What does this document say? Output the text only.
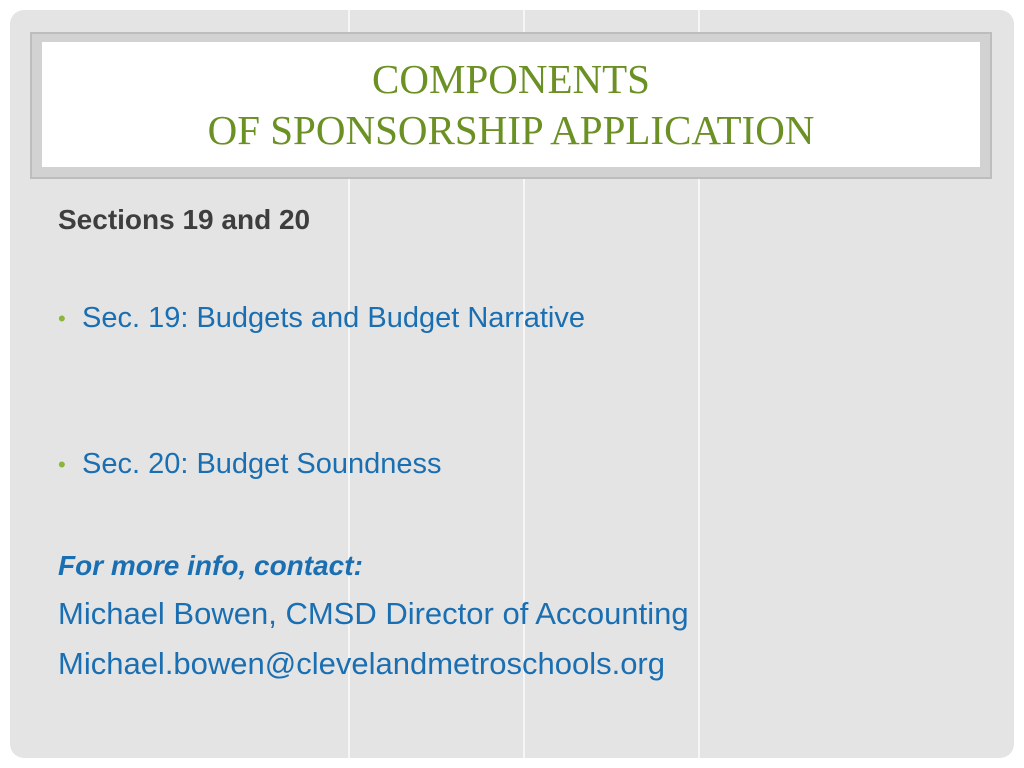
COMPONENTS
OF SPONSORSHIP APPLICATION
Sections 19 and 20
• Sec. 19: Budgets and Budget Narrative
• Sec. 20: Budget Soundness
For more info, contact:
Michael Bowen, CMSD Director of Accounting
Michael.bowen@clevelandmetroschools.org
